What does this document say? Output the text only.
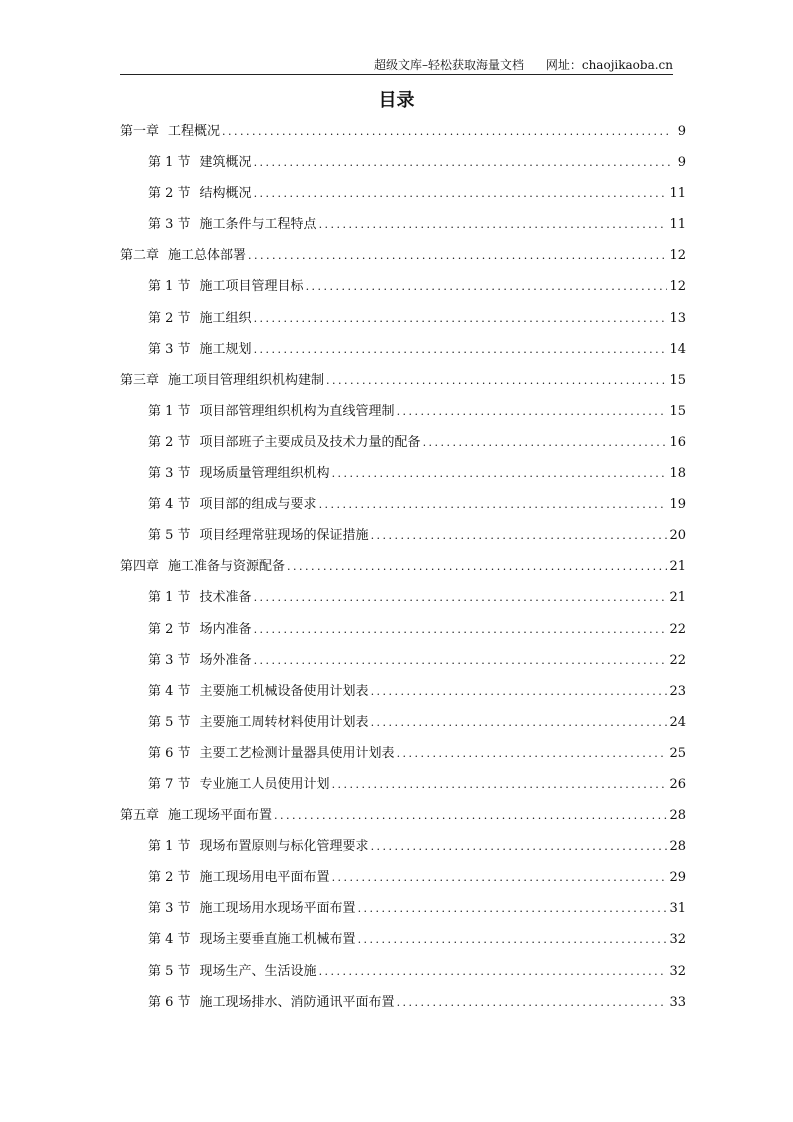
超级文库–轻松获取海量文档 网址：chaojikaoba.cn
目录
第一章 工程概况 . . .	9
第 1 节 建筑概况 . . .	9
第 2 节 结构概况 . . .	11
第 3 节 施工条件与工程特点 . . .	11
第二章 施工总体部署 . . .	12
第 1 节 施工项目管理目标 . . .	12
第 2 节 施工组织 . . .	13
第 3 节 施工规划 . . .	14
第三章 施工项目管理组织机构建制 . . .	15
第 1 节 项目部管理组织机构为直线管理制 . . .	15
第 2 节 项目部班子主要成员及技术力量的配备 . . .	16
第 3 节 现场质量管理组织机构 . . .	18
第 4 节 项目部的组成与要求 . . .	19
第 5 节 项目经理常驻现场的保证措施 . . .	20
第四章 施工准备与资源配备 . . .	21
第 1 节 技术准备 . . .	21
第 2 节 场内准备 . . .	22
第 3 节 场外准备 . . .	22
第 4 节 主要施工机械设备使用计划表 . . .	23
第 5 节 主要施工周转材料使用计划表 . . .	24
第 6 节 主要工艺检测计量器具使用计划表 . . .	25
第 7 节 专业施工人员使用计划 . . .	26
第五章 施工现场平面布置 . . .	28
第 1 节 现场布置原则与标化管理要求 . . .	28
第 2 节 施工现场用电平面布置 . . .	29
第 3 节 施工现场用水现场平面布置 . . .	31
第 4 节 现场主要垂直施工机械布置 . . .	32
第 5 节 现场生产、生活设施 . . .	32
第 6 节 施工现场排水、消防通讯平面布置 . . .	33
